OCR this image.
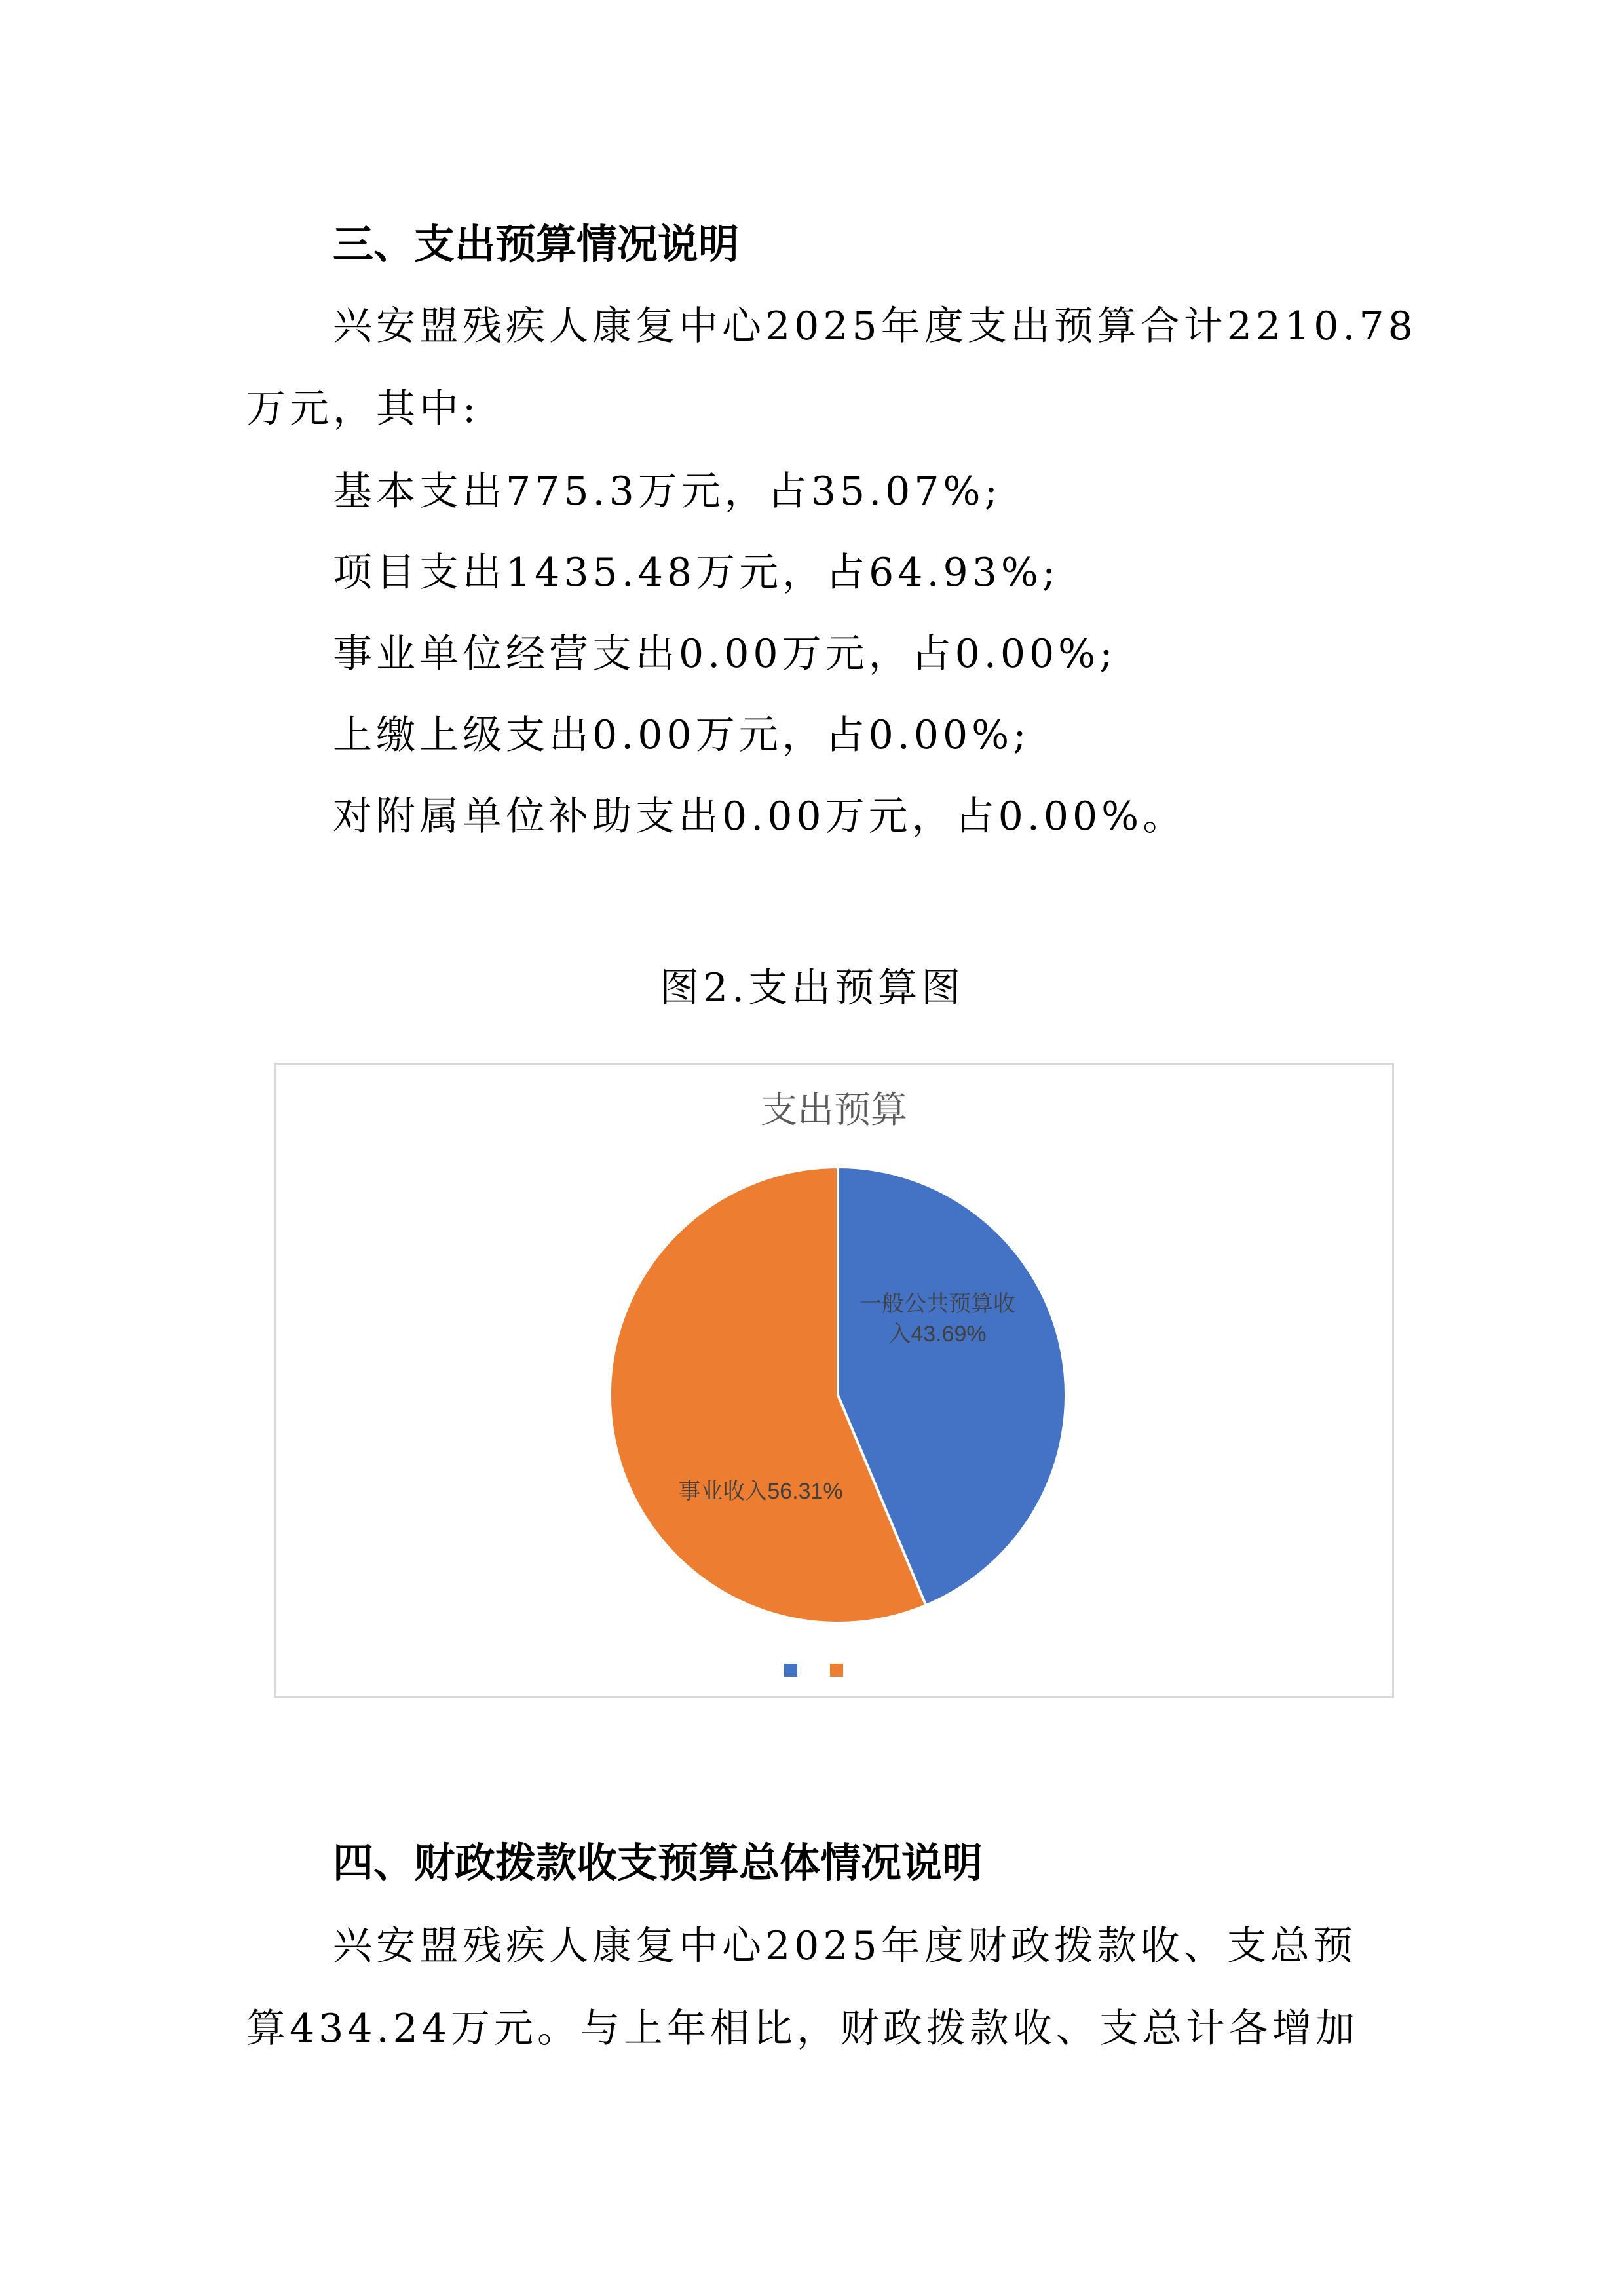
三、支出预算情况说明
兴安盟残疾人康复中心2025年度支出预算合计2210.78
万元，其中:
基本支出775.3万元，占35.07%;
项目支出1435.48万元，占64.93%;
事业单位经营支出0.00万元，占0.00%;
上缴上级支出0.00万元，占0.00%;
对附属单位补助支出0.00万元，占0.00%。
图2.支出预算图
支出预算
一般公共预算收
入43.69%
事业收入56.31%
四、财政拨款收支预算总体情况说明
兴安盟残疾人康复中心2025年度财政拨款收、支总预
算434.24万元。与上年相比，财政拨款收、支总计各增加
